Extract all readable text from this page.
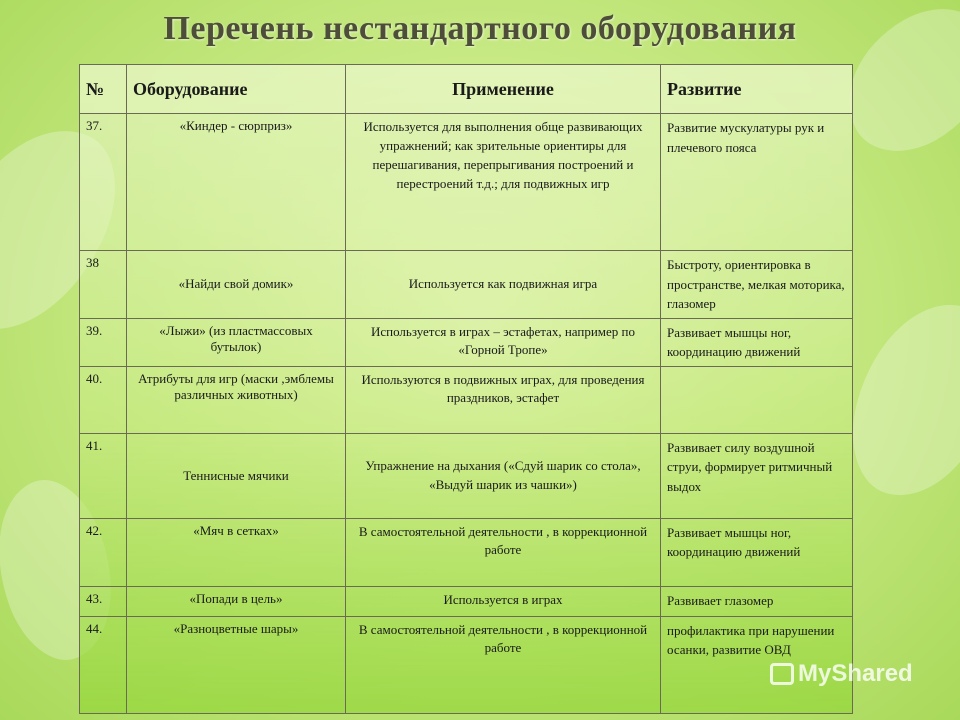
Перечень нестандартного оборудования
№	Оборудование	Применение	Развитие
37.	«Киндер - сюрприз»	Используется для выполнения обще развивающих упражнений; как зрительные ориентиры для перешагивания, перепрыгивания построений и перестроений т.д.; для подвижных игр	Развитие мускулатуры рук и плечевого пояса
38	«Найди свой домик»	Используется как подвижная игра	Быстроту, ориентировка в пространстве, мелкая моторика, глазомер
39.	«Лыжи» (из пластмассовых бутылок)	Используется в играх – эстафетах, например по «Горной Тропе»	Развивает мышцы ног, координацию движений
40.	Атрибуты для игр (маски ,эмблемы различных животных)	Используются в подвижных играх, для проведения праздников, эстафет	
41.	Теннисные мячики	Упражнение на дыхания («Сдуй шарик со стола», «Выдуй шарик из чашки»)	Развивает силу воздушной струи, формирует ритмичный выдох
42.	«Мяч в сетках»	В самостоятельной деятельности , в коррекционной работе	Развивает мышцы ног, координацию движений
43.	«Попади в цель»	Используется в играх	Развивает глазомер
44.	«Разноцветные шары»	В самостоятельной деятельности , в коррекционной работе	профилактика при нарушении осанки, развитие ОВД
MyShared
